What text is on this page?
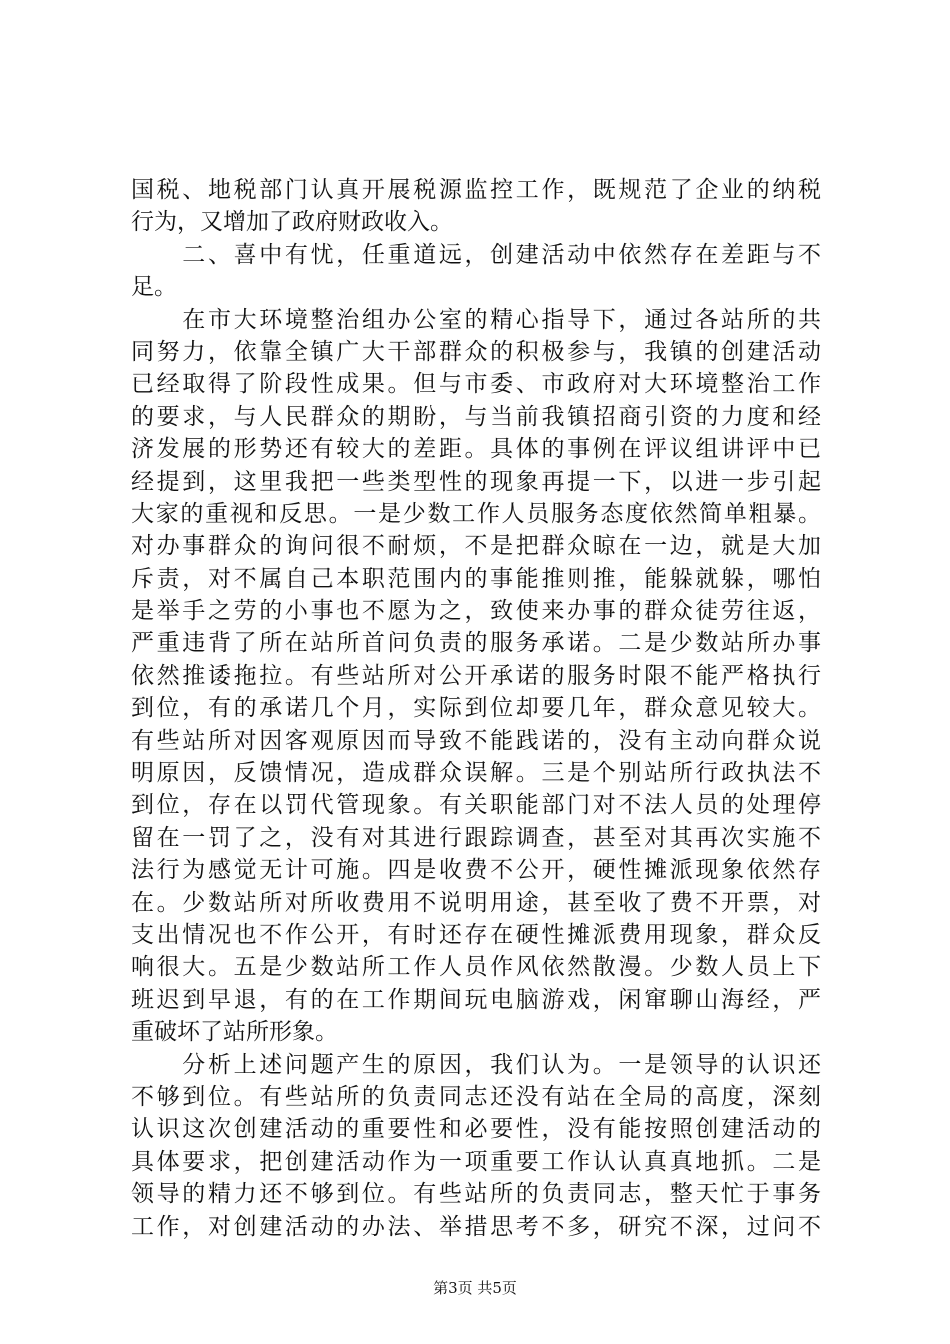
国税、地税部门认真开展税源监控工作，既规范了企业的纳税
行为，又增加了政府财政收入。
　　二、喜中有忧，任重道远，创建活动中依然存在差距与不
足。
　　在市大环境整治组办公室的精心指导下，通过各站所的共
同努力，依靠全镇广大干部群众的积极参与，我镇的创建活动
已经取得了阶段性成果。但与市委、市政府对大环境整治工作
的要求，与人民群众的期盼，与当前我镇招商引资的力度和经
济发展的形势还有较大的差距。具体的事例在评议组讲评中已
经提到，这里我把一些类型性的现象再提一下，以进一步引起
大家的重视和反思。一是少数工作人员服务态度依然简单粗暴。
对办事群众的询问很不耐烦，不是把群众晾在一边，就是大加
斥责，对不属自己本职范围内的事能推则推，能躲就躲，哪怕
是举手之劳的小事也不愿为之，致使来办事的群众徒劳往返，
严重违背了所在站所首问负责的服务承诺。二是少数站所办事
依然推诿拖拉。有些站所对公开承诺的服务时限不能严格执行
到位，有的承诺几个月，实际到位却要几年，群众意见较大。
有些站所对因客观原因而导致不能践诺的，没有主动向群众说
明原因，反馈情况，造成群众误解。三是个别站所行政执法不
到位，存在以罚代管现象。有关职能部门对不法人员的处理停
留在一罚了之，没有对其进行跟踪调查，甚至对其再次实施不
法行为感觉无计可施。四是收费不公开，硬性摊派现象依然存
在。少数站所对所收费用不说明用途，甚至收了费不开票，对
支出情况也不作公开，有时还存在硬性摊派费用现象，群众反
响很大。五是少数站所工作人员作风依然散漫。少数人员上下
班迟到早退，有的在工作期间玩电脑游戏，闲窜聊山海经，严
重破坏了站所形象。
　　分析上述问题产生的原因，我们认为。一是领导的认识还
不够到位。有些站所的负责同志还没有站在全局的高度，深刻
认识这次创建活动的重要性和必要性，没有能按照创建活动的
具体要求，把创建活动作为一项重要工作认认真真地抓。二是
领导的精力还不够到位。有些站所的负责同志，整天忙于事务
工作，对创建活动的办法、举措思考不多，研究不深，过问不
第3页 共5页
